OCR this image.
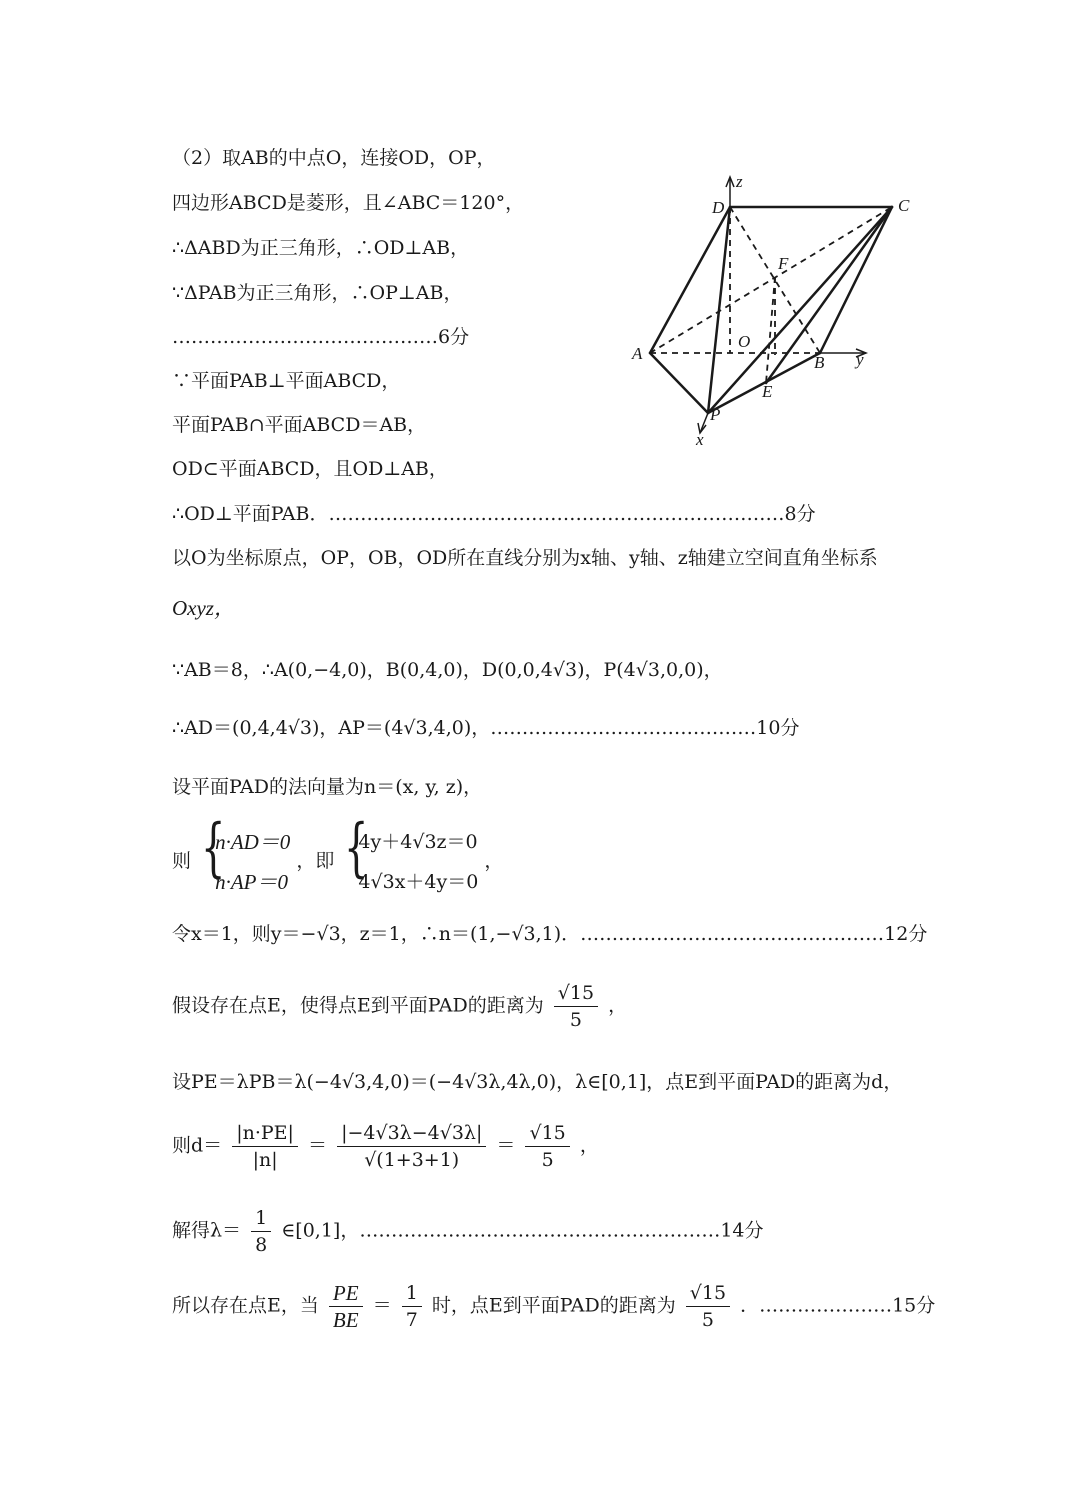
（2）取AB的中点O，连接OD，OP，
四边形ABCD是菱形，且∠ABC＝120°，
∴ΔABD为正三角形，∴OD⊥AB，
∵ΔPAB为正三角形，∴OP⊥AB，
……………………………………6分
∵平面PAB⊥平面ABCD，
平面PAB∩平面ABCD＝AB，
OD⊂平面ABCD，且OD⊥AB，
∴OD⊥平面PAB．………………………………………………………………8分
以O为坐标原点，OP，OB，OD所在直线分别为x轴、y轴、z轴建立空间直角坐标系
Oxyz，
∵AB＝8，∴A(0,−4,0)，B(0,4,0)，D(0,0,4√3)，P(4√3,0,0)，
∴AD＝(0,4,4√3)，AP＝(4√3,4,0)，……………………………………10分
设平面PAD的法向量为n＝(x, y, z)，
则 {
n·AD＝0
n·AP＝0
，即 {
4y＋4√3z＝0
4√3x＋4y＝0
，
令x＝1，则y＝−√3，z＝1，∴n＝(1,−√3,1)．…………………………………………12分
假设存在点E，使得点E到平面PAD的距离为 $\frac{√15}{5}$ ，
设PE＝λPB＝λ(−4√3,4,0)＝(−4√3λ,4λ,0)，λ∈[0,1]，点E到平面PAD的距离为d，
则$d= \frac{|n\cdot PE|}{|n|} = \frac{|-4√3\lambda-4√3\lambda|}{√(1+3+1)} = \frac{√15}{5}$ ，
解得$\lambda= \frac{1}{8}$ ∈[0,1]，…………………………………………………14分
所以存在点E，当 $\frac{PE}{BE} = \frac{1}{7}$ 时，点E到平面PAD的距离为 $\frac{√15}{5}$ ．…………………15分
z
D	C
F
A
O
B y
E
P
x
